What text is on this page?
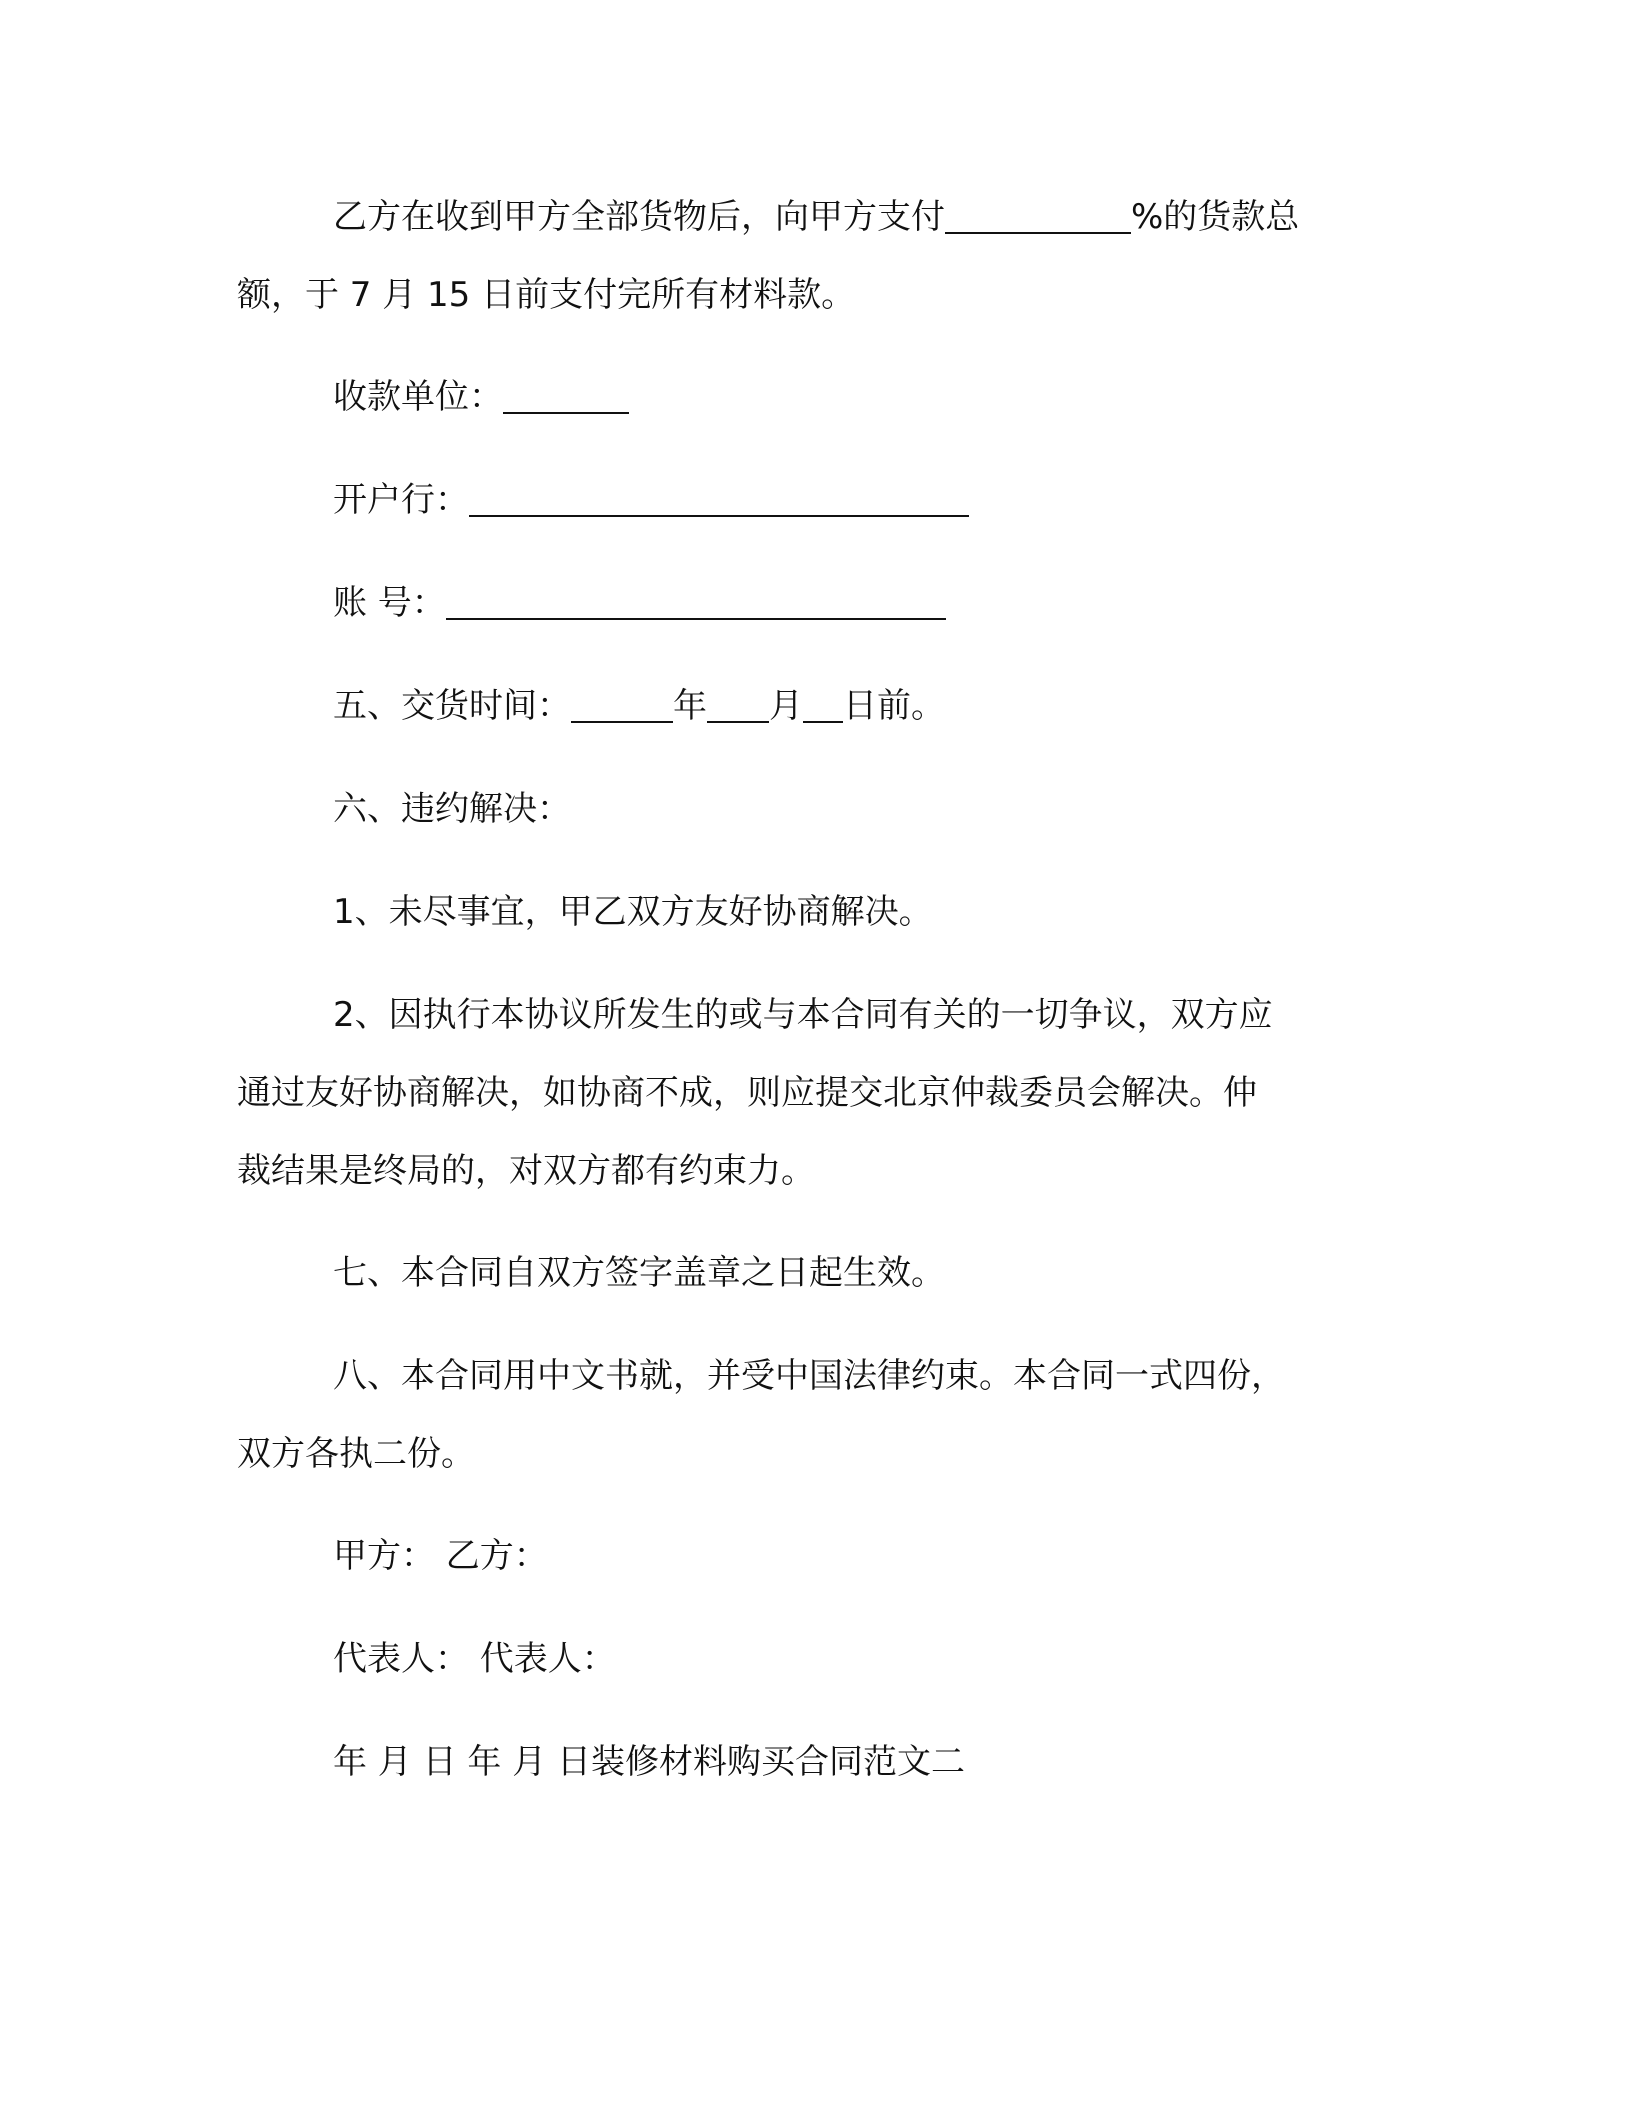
乙方在收到甲方全部货物后，向甲方支付	%的货款总

额，于 7 月 15 日前支付完所有材料款。

收款单位：

开户行：

账 号：

五、交货时间：	年 月 日前。

六、违约解决：

1、未尽事宜，甲乙双方友好协商解决。

2、因执行本协议所发生的或与本合同有关的一切争议，双方应

通过友好协商解决，如协商不成，则应提交北京仲裁委员会解决。仲

裁结果是终局的，对双方都有约束力。

七、本合同自双方签字盖章之日起生效。

八、本合同用中文书就，并受中国法律约束。本合同一式四份，

双方各执二份。

甲方： 乙方：

代表人： 代表人：

年 月 日 年 月 日装修材料购买合同范文二
